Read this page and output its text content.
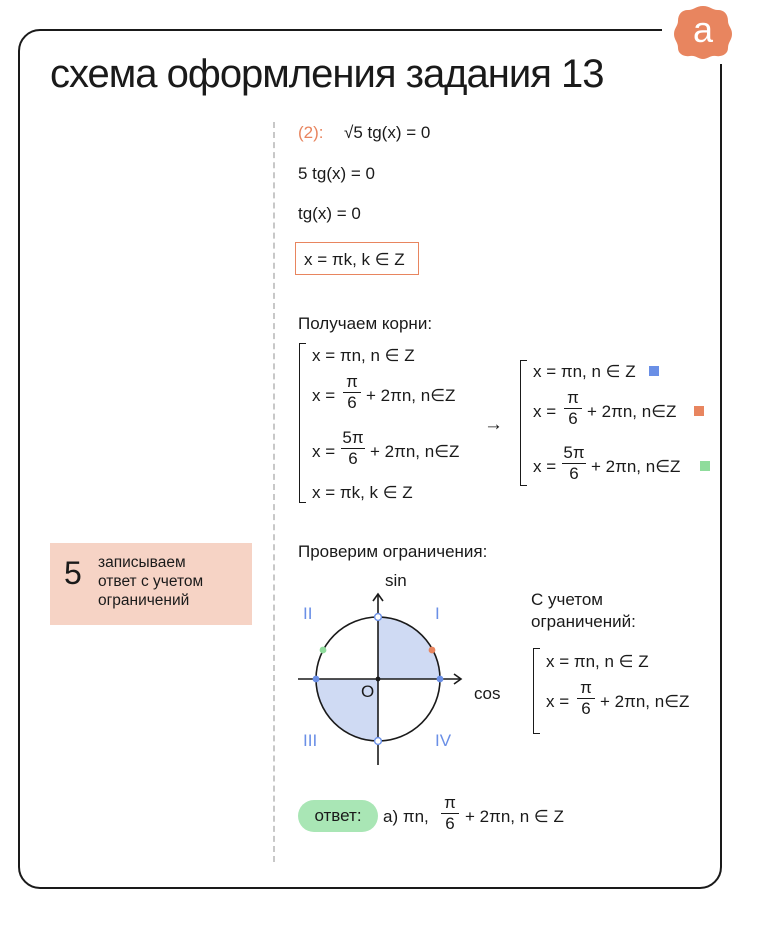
а
схема оформления задания 13
5 записываем
ответ с учетом
ограничений
(2): √5 tg(x) = 0
5 tg(x) = 0
tg(x) = 0
x = πk, k ∈ Z
Получаем корни:
x = πn, n ∈ Z
x =
π
6 + 2πn, n∈Z
x =
5π
6 + 2πn, n∈Z
x = πk, k ∈ Z
→
x = πn, n ∈ Z
x =
π
6 + 2πn, n∈Z
x =
5π
6 + 2πn, n∈Z
Проверим ограничения:
sin
cos
O
I
II
III	IV
С учетом
ограничений:
x = πn, n ∈ Z
x =
π
6 + 2πn, n∈Z
ответ:	а) πn,
π
6 + 2πn, n ∈ Z
